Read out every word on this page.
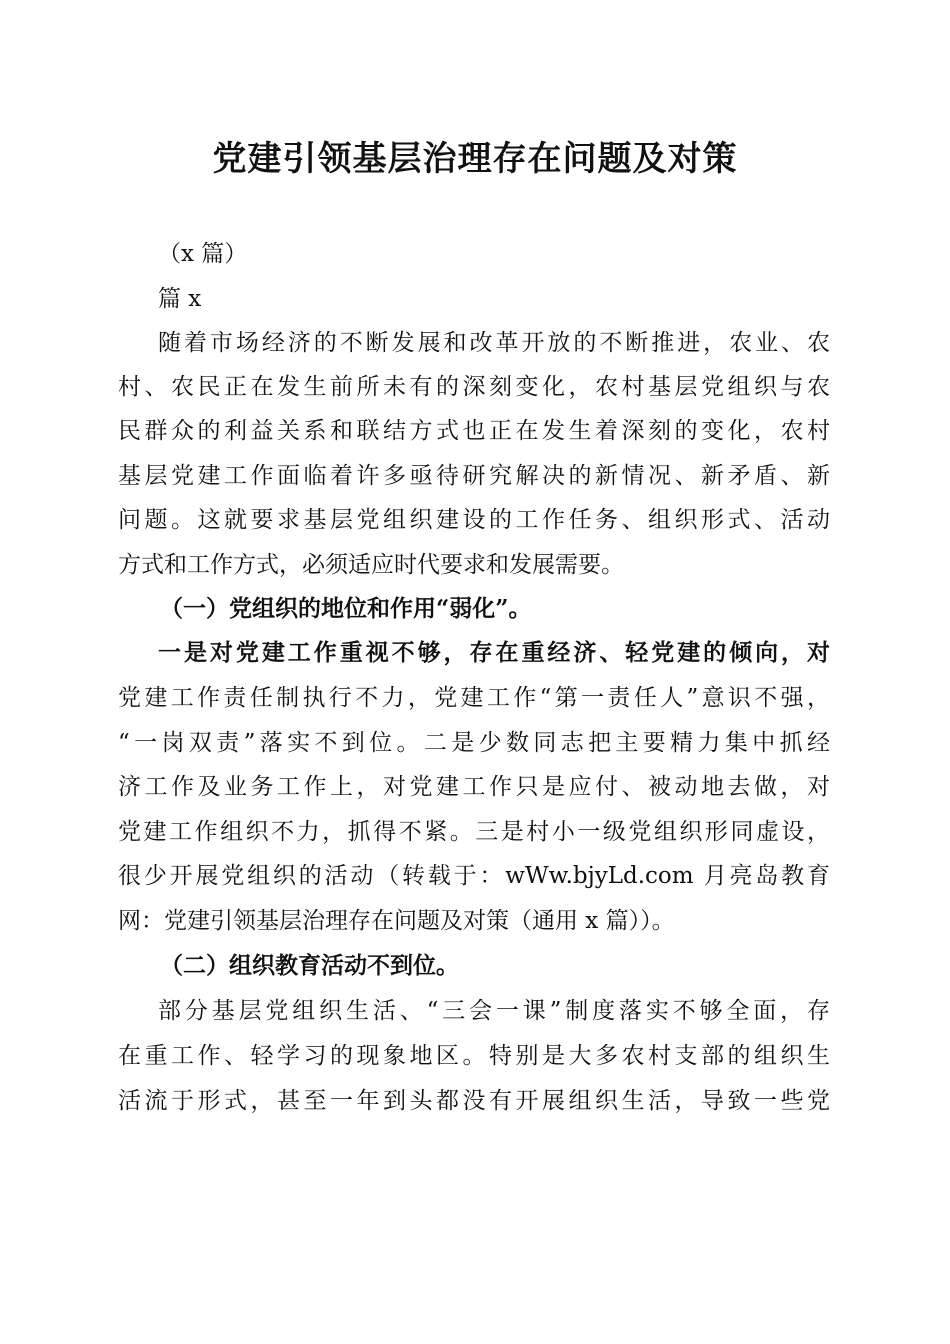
党建引领基层治理存在问题及对策

（x 篇）

篇 x

随着市场经济的不断发展和改革开放的不断推进，农业、农

村、农民正在发生前所未有的深刻变化，农村基层党组织与农

民群众的利益关系和联结方式也正在发生着深刻的变化，农村

基层党建工作面临着许多亟待研究解决的新情况、新矛盾、新

问题。这就要求基层党组织建设的工作任务、组织形式、活动

方式和工作方式，必须适应时代要求和发展需要。

（一）党组织的地位和作用“弱化”。

一是对党建工作重视不够，存在重经济、轻党建的倾向，对

党建工作责任制执行不力，党建工作“第一责任人”意识不强，

“一岗双责”落实不到位。二是少数同志把主要精力集中抓经

济工作及业务工作上，对党建工作只是应付、被动地去做，对

党建工作组织不力，抓得不紧。三是村小一级党组织形同虚设，

很少开展党组织的活动（转载于：wWw.bjyLd.com 月亮岛教育

网：党建引领基层治理存在问题及对策（通用 x 篇））。

（二）组织教育活动不到位。

部分基层党组织生活、“三会一课”制度落实不够全面，存

在重工作、轻学习的现象地区。特别是大多农村支部的组织生

活流于形式，甚至一年到头都没有开展组织生活，导致一些党
